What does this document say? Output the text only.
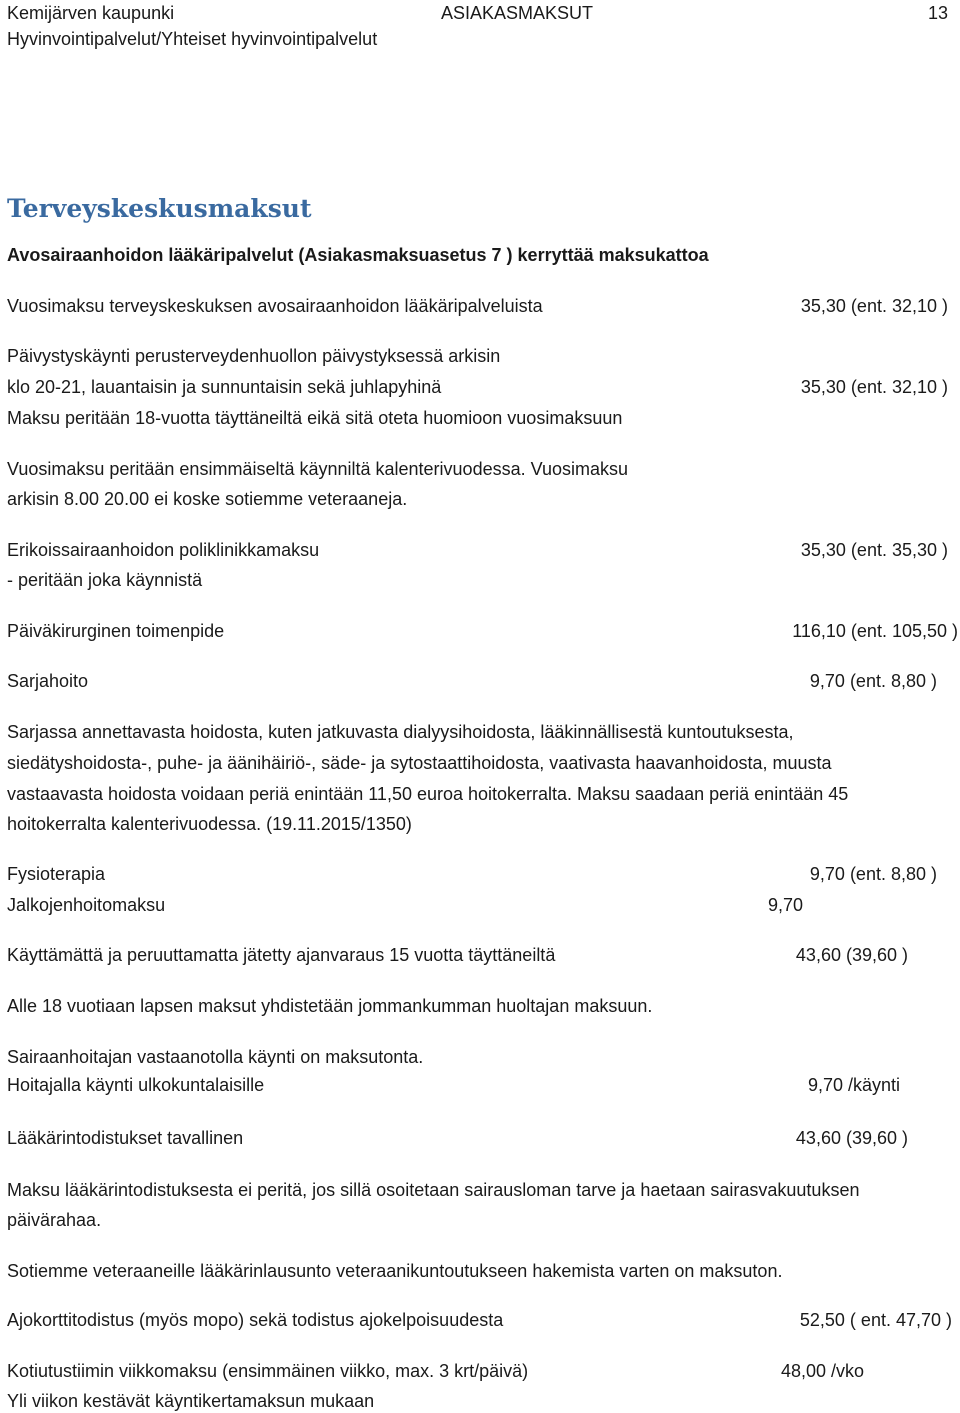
Kemijärven kaupunki	ASIAKASMAKSUT	13
Hyvinvointipalvelut/Yhteiset hyvinvointipalvelut
Terveyskeskusmaksut
Avosairaanhoidon lääkäripalvelut (Asiakasmaksuasetus 7 ) kerryttää maksukattoa
Vuosimaksu terveyskeskuksen avosairaanhoidon lääkäripalveluista	35,30 (ent. 32,10 )
Päivystyskäynti perusterveydenhuollon päivystyksessä arkisin
klo 20-21, lauantaisin ja sunnuntaisin sekä juhlapyhinä	35,30 (ent. 32,10 )
Maksu peritään 18-vuotta täyttäneiltä eikä sitä oteta huomioon vuosimaksuun
Vuosimaksu peritään ensimmäiseltä käynniltä kalenterivuodessa. Vuosimaksu
arkisin 8.00 20.00 ei koske sotiemme veteraaneja.
Erikoissairaanhoidon poliklinikkamaksu	35,30 (ent. 35,30 )
- peritään joka käynnistä
Päiväkirurginen toimenpide	116,10 (ent. 105,50 )
Sarjahoito	9,70 (ent. 8,80 )
Sarjassa annettavasta hoidosta, kuten jatkuvasta dialyysihoidosta, lääkinnällisestä kuntoutuksesta,
siedätyshoidosta-, puhe- ja äänihäiriö-, säde- ja sytostaattihoidosta, vaativasta haavanhoidosta, muusta
vastaavasta hoidosta voidaan periä enintään 11,50 euroa hoitokerralta. Maksu saadaan periä enintään 45
hoitokerralta kalenterivuodessa. (19.11.2015/1350)
Fysioterapia	9,70 (ent. 8,80 )
Jalkojenhoitomaksu	9,70
Käyttämättä ja peruuttamatta jätetty ajanvaraus 15 vuotta täyttäneiltä	43,60 (39,60 )
Alle 18 vuotiaan lapsen maksut yhdistetään jommankumman huoltajan maksuun.
Sairaanhoitajan vastaanotolla käynti on maksutonta.
Hoitajalla käynti ulkokuntalaisille	9,70 /käynti
Lääkärintodistukset tavallinen	43,60 (39,60 )
Maksu lääkärintodistuksesta ei peritä, jos sillä osoitetaan sairausloman tarve ja haetaan sairasvakuutuksen
päivärahaa.
Sotiemme veteraaneille lääkärinlausunto veteraanikuntoutukseen hakemista varten on maksuton.
Ajokorttitodistus (myös mopo) sekä todistus ajokelpoisuudesta	52,50 ( ent. 47,70 )
Kotiutustiimin viikkomaksu (ensimmäinen viikko, max. 3 krt/päivä)	48,00 /vko
Yli viikon kestävät käyntikertamaksun mukaan
